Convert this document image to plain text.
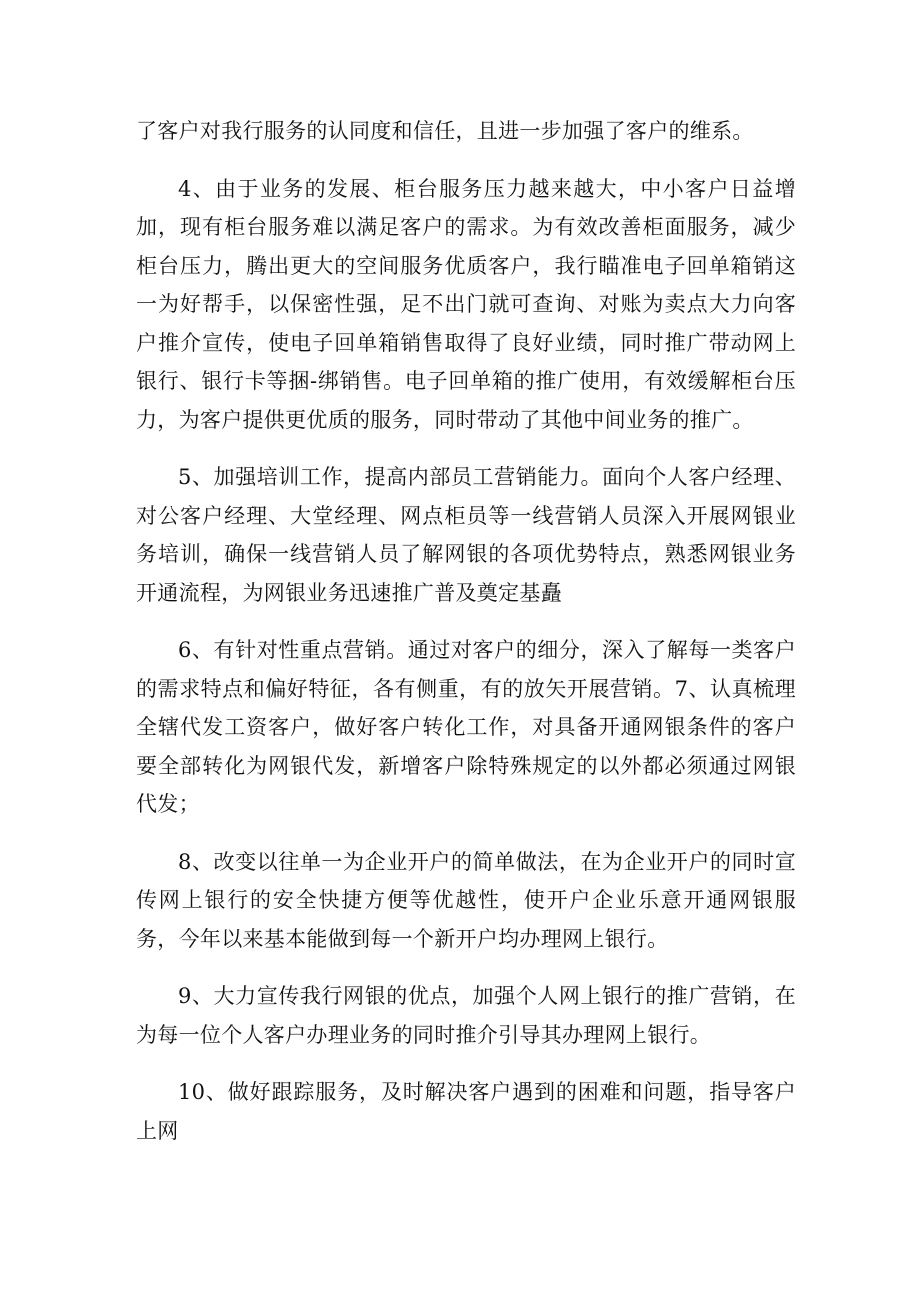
了客户对我行服务的认同度和信任，且进一步加强了客户的维系。

4、由于业务的发展、柜台服务压力越来越大，中小客户日益增加，现有柜台服务难以满足客户的需求。为有效改善柜面服务，减少柜台压力，腾出更大的空间服务优质客户，我行瞄准电子回单箱销这一为好帮手，以保密性强，足不出门就可查询、对账为卖点大力向客户推介宣传，使电子回单箱销售取得了良好业绩，同时推广带动网上银行、银行卡等捆-绑销售。电子回单箱的推广使用，有效缓解柜台压力，为客户提供更优质的服务，同时带动了其他中间业务的推广。

5、加强培训工作，提高内部员工营销能力。面向个人客户经理、对公客户经理、大堂经理、网点柜员等一线营销人员深入开展网银业务培训，确保一线营销人员了解网银的各项优势特点，熟悉网银业务开通流程，为网银业务迅速推广普及奠定基矗

6、有针对性重点营销。通过对客户的细分，深入了解每一类客户的需求特点和偏好特征，各有侧重，有的放矢开展营销。7、认真梳理全辖代发工资客户，做好客户转化工作，对具备开通网银条件的客户要全部转化为网银代发，新增客户除特殊规定的以外都必须通过网银代发；

8、改变以往单一为企业开户的简单做法，在为企业开户的同时宣传网上银行的安全快捷方便等优越性，使开户企业乐意开通网银服务，今年以来基本能做到每一个新开户均办理网上银行。

9、大力宣传我行网银的优点，加强个人网上银行的推广营销，在为每一位个人客户办理业务的同时推介引导其办理网上银行。

10、做好跟踪服务，及时解决客户遇到的困难和问题，指导客户上网
